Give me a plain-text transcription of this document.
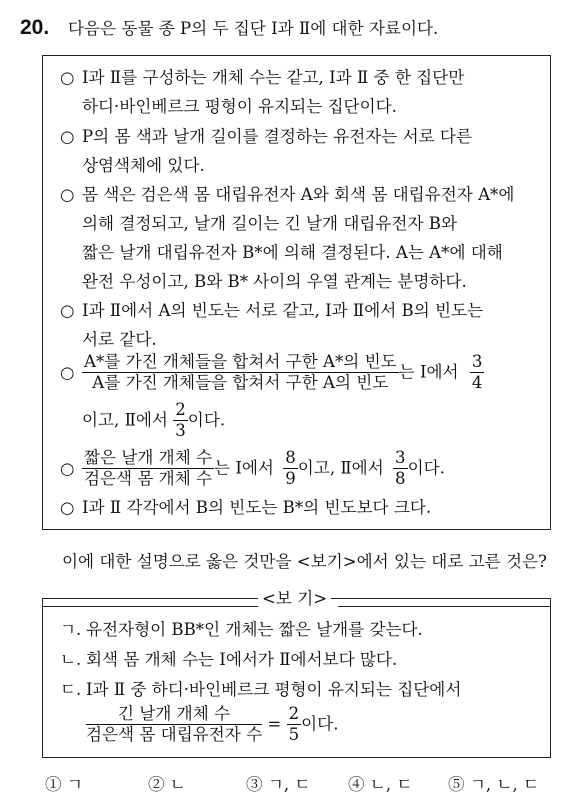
20. 다음은 동물 종 P의 두 집단 Ⅰ과 Ⅱ에 대한 자료이다.
○ Ⅰ과 Ⅱ를 구성하는 개체 수는 같고, Ⅰ과 Ⅱ 중 한 집단만
하디·바인베르크 평형이 유지되는 집단이다.
○ P의 몸 색과 날개 길이를 결정하는 유전자는 서로 다른
상염색체에 있다.
○ 몸 색은 검은색 몸 대립유전자 A와 회색 몸 대립유전자 A*에
의해 결정되고, 날개 길이는 긴 날개 대립유전자 B와
짧은 날개 대립유전자 B*에 의해 결정된다. A는 A*에 대해
완전 우성이고, B와 B* 사이의 우열 관계는 분명하다.
○ Ⅰ과 Ⅱ에서 A의 빈도는 서로 같고, Ⅰ과 Ⅱ에서 B의 빈도는
서로 같다.
○ $\frac{\text{A*를 가진 개체들을 합쳐서 구한 A*의 빈도}}{\text{A를 가진 개체들을 합쳐서 구한 A의 빈도}}$ 는 Ⅰ에서 $\frac{3}{4}$
이고, Ⅱ에서 $\frac{2}{3}$ 이다.
○ $\frac{\text{짧은 날개 개체 수}}{\text{검은색 몸 개체 수}}$ 는 Ⅰ에서 $\frac{8}{9}$ 이고, Ⅱ에서 $\frac{3}{8}$ 이다.
○ Ⅰ과 Ⅱ 각각에서 B의 빈도는 B*의 빈도보다 크다.
이에 대한 설명으로 옳은 것만을 <보기>에서 있는 대로 고른 것은?
<보 기>
ㄱ. 유전자형이 BB*인 개체는 짧은 날개를 갖는다.
ㄴ. 회색 몸 개체 수는 Ⅰ에서가 Ⅱ에서보다 많다.
ㄷ. Ⅰ과 Ⅱ 중 하디·바인베르크 평형이 유지되는 집단에서
$\frac{\text{긴 날개 개체 수}}{\text{검은색 몸 대립유전자 수}} = \frac{2}{5}$ 이다.
① ㄱ	② ㄴ	③ ㄱ, ㄷ ④ ㄴ, ㄷ ⑤ ㄱ, ㄴ, ㄷ
